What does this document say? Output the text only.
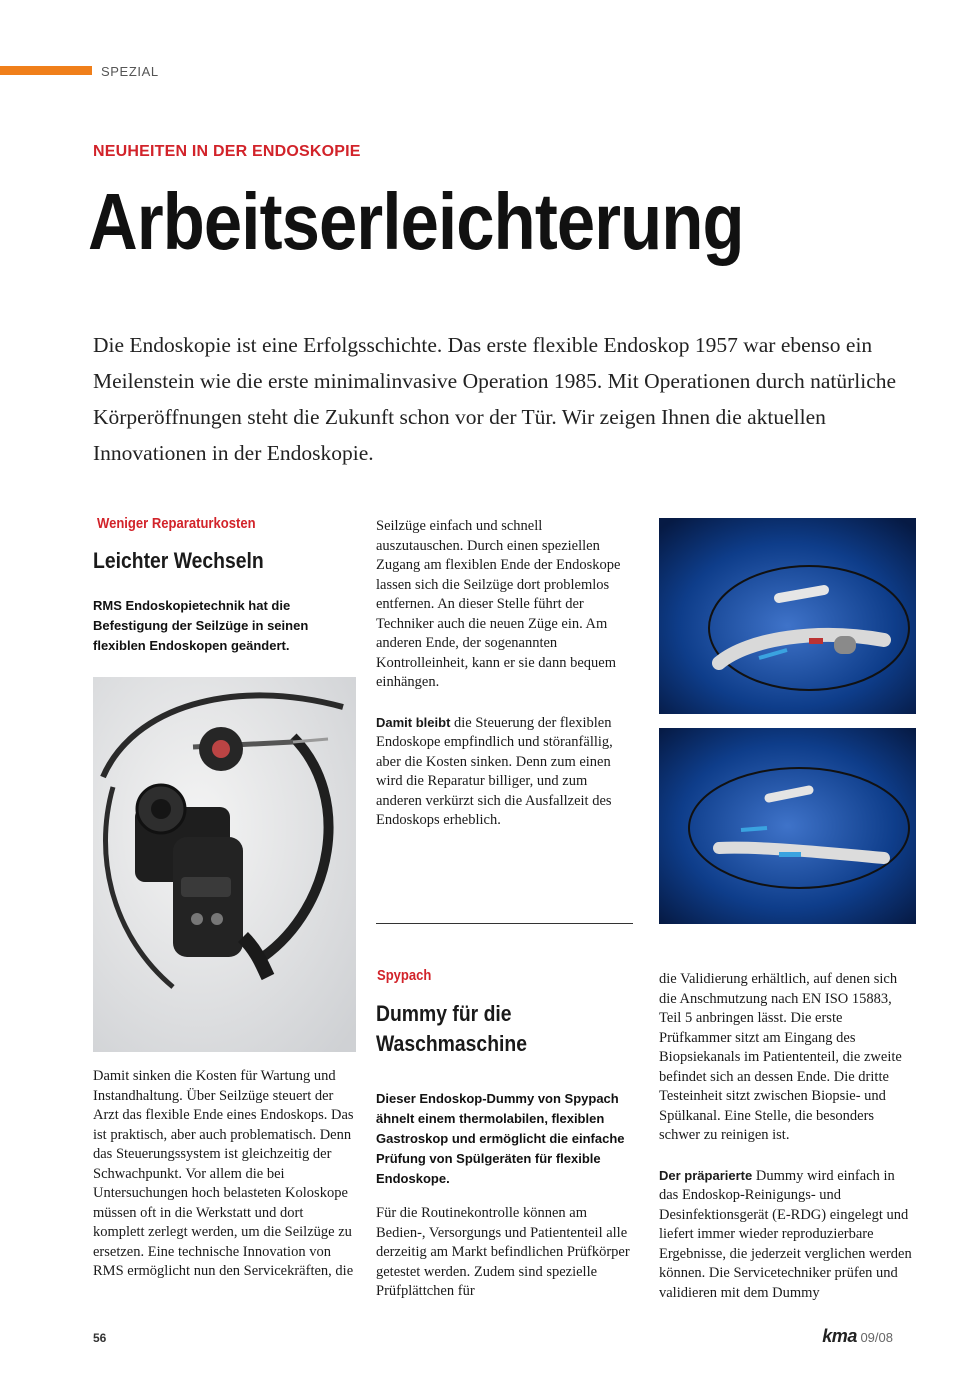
SPEZIAL
NEUHEITEN IN DER ENDOSKOPIE
Arbeitserleichterung

Die Endoskopie ist eine Erfolgsschichte. Das erste flexible Endoskop 1957 war ebenso ein Meilenstein wie die erste minimalinvasive Operation 1985. Mit Operationen durch natürliche Körperöffnungen steht die Zukunft schon vor der Tür. Wir zeigen Ihnen die aktuellen Innovationen in der Endoskopie.

Weniger Reparaturkosten
Leichter Wechseln

RMS Endoskopietechnik hat die Befestigung der Seilzüge in seinen flexiblen Endoskopen geändert.

Damit sinken die Kosten für Wartung und Instandhaltung. Über Seilzüge steuert der Arzt das flexible Ende eines Endoskops. Das ist praktisch, aber auch problematisch. Denn das Steuerungssystem ist gleichzeitig der Schwachpunkt. Vor allem die bei Untersuchungen hoch belasteten Koloskope müssen oft in die Werkstatt und dort komplett zerlegt werden, um die Seilzüge zu ersetzen. Eine technische Innovation von RMS ermöglicht nun den Servicekräften, die

Seilzüge einfach und schnell auszutauschen. Durch einen speziellen Zugang am flexiblen Ende der Endoskope lassen sich die Seilzüge dort problemlos entfernen. An dieser Stelle führt der Techniker auch die neuen Züge ein. Am anderen Ende, der sogenannten Kontrolleinheit, kann er sie dann bequem einhängen.

Damit bleibt die Steuerung der flexiblen Endoskope empfindlich und störanfällig, aber die Kosten sinken. Denn zum einen wird die Reparatur billiger, und zum anderen verkürzt sich die Ausfallzeit des Endoskops erheblich.

Spypach
Dummy für die Waschmaschine

Dieser Endoskop-Dummy von Spypach ähnelt einem thermolabilen, flexiblen Gastroskop und ermöglicht die einfache Prüfung von Spülgeräten für flexible Endoskope.

Für die Routinekontrolle können am Bedien-, Versorgungs und Patiententeil alle derzeitig am Markt befindlichen Prüfkörper getestet werden. Zudem sind spezielle Prüfplättchen für

die Validierung erhältlich, auf denen sich die Anschmutzung nach EN ISO 15883, Teil 5 anbringen lässt. Die erste Prüfkammer sitzt am Eingang des Biopsiekanals im Patiententeil, die zweite befindet sich an dessen Ende. Die dritte Testeinheit sitzt zwischen Biopsie- und Spülkanal. Eine Stelle, die besonders schwer zu reinigen ist.

Der präparierte Dummy wird einfach in das Endoskop-Reinigungs- und Desinfektionsgerät (E-RDG) eingelegt und liefert immer wieder reproduzierbare Ergebnisse, die jederzeit verglichen werden können. Die Servicetechniker prüfen und validieren mit dem Dummy

56	kma 09/08
